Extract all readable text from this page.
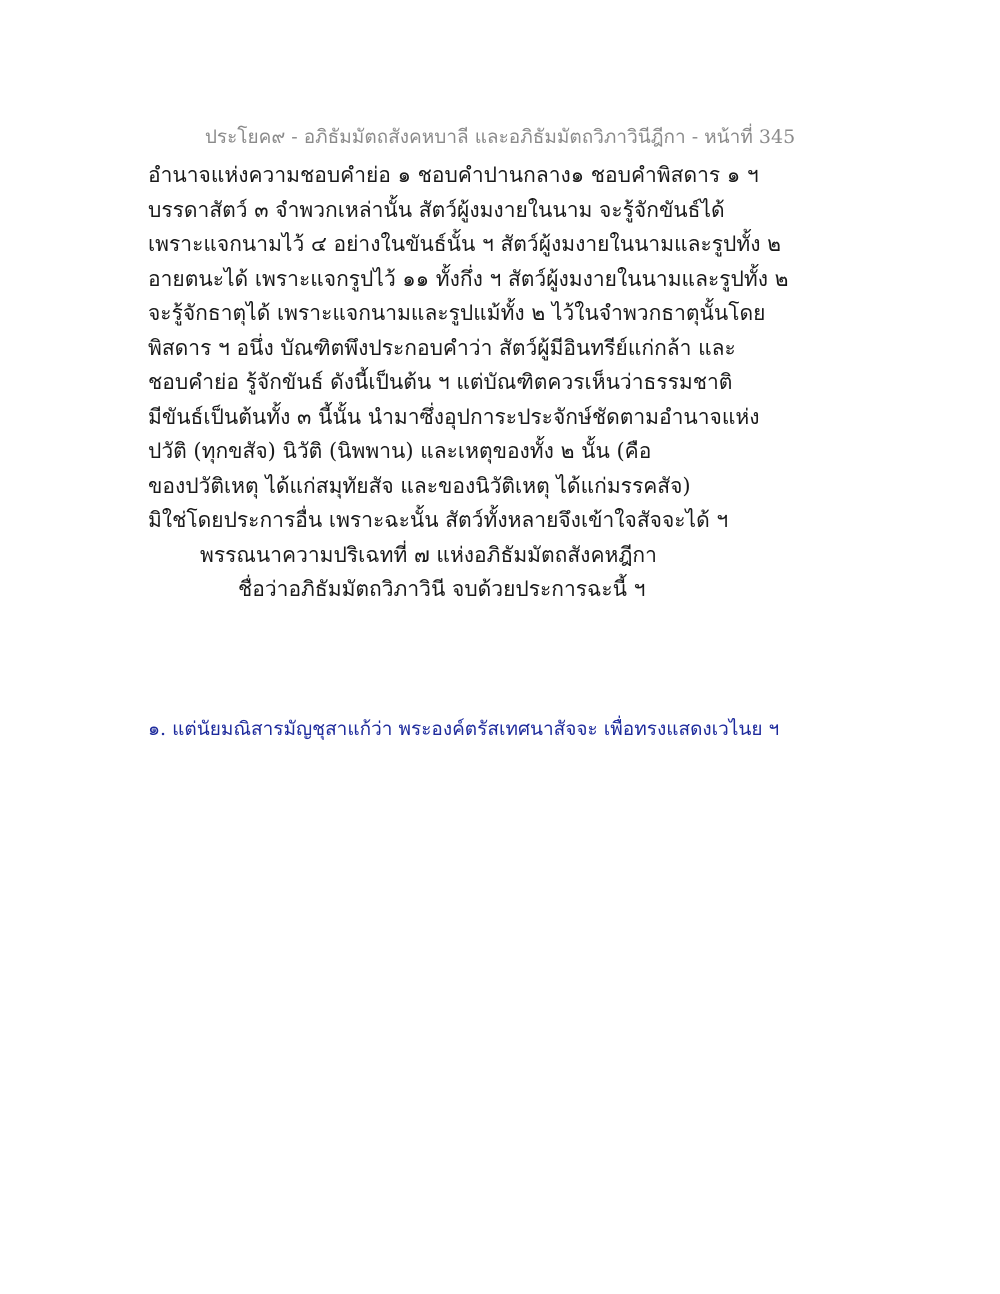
ประโยค๙ - อภิธัมมัตถสังคหบาลี และอภิธัมมัตถวิภาวินีฎีกา - หน้าที่ 345
อำนาจแห่งความชอบคำย่อ ๑ ชอบคำปานกลาง๑ ชอบคำพิสดาร ๑ ฯ
บรรดาสัตว์ ๓ จำพวกเหล่านั้น สัตว์ผู้งมงายในนาม จะรู้จักขันธ์ได้
เพราะแจกนามไว้ ๔ อย่างในขันธ์นั้น ฯ สัตว์ผู้งมงายในนามและรูปทั้ง ๒
อายตนะได้ เพราะแจกรูปไว้ ๑๑ ทั้งกึ่ง ฯ สัตว์ผู้งมงายในนามและรูปทั้ง ๒
จะรู้จักธาตุได้ เพราะแจกนามและรูปแม้ทั้ง ๒ ไว้ในจำพวกธาตุนั้นโดย
พิสดาร ฯ อนึ่ง บัณฑิตพึงประกอบคำว่า สัตว์ผู้มีอินทรีย์แก่กล้า และ
ชอบคำย่อ รู้จักขันธ์ ดังนี้เป็นต้น ฯ แต่บัณฑิตควรเห็นว่าธรรมชาติ
มีขันธ์เป็นต้นทั้ง ๓ นี้นั้น นำมาซึ่งอุปการะประจักษ์ชัดตามอำนาจแห่ง
ปวัติ (ทุกขสัจ) นิวัติ (นิพพาน) และเหตุของทั้ง ๒ นั้น (คือ
ของปวัติเหตุ ได้แก่สมุทัยสัจ และของนิวัติเหตุ ได้แก่มรรคสัจ)
มิใช่โดยประการอื่น เพราะฉะนั้น สัตว์ทั้งหลายจึงเข้าใจสัจจะได้ ฯ
พรรณนาความปริเฉทที่ ๗ แห่งอภิธัมมัตถสังคหฎีกา
ชื่อว่าอภิธัมมัตถวิภาวินี จบด้วยประการฉะนี้ ฯ
๑. แต่นัยมณิสารมัญชุสาแก้ว่า พระองค์ตรัสเทศนาสัจจะ เพื่อทรงแสดงเวไนย ฯ
